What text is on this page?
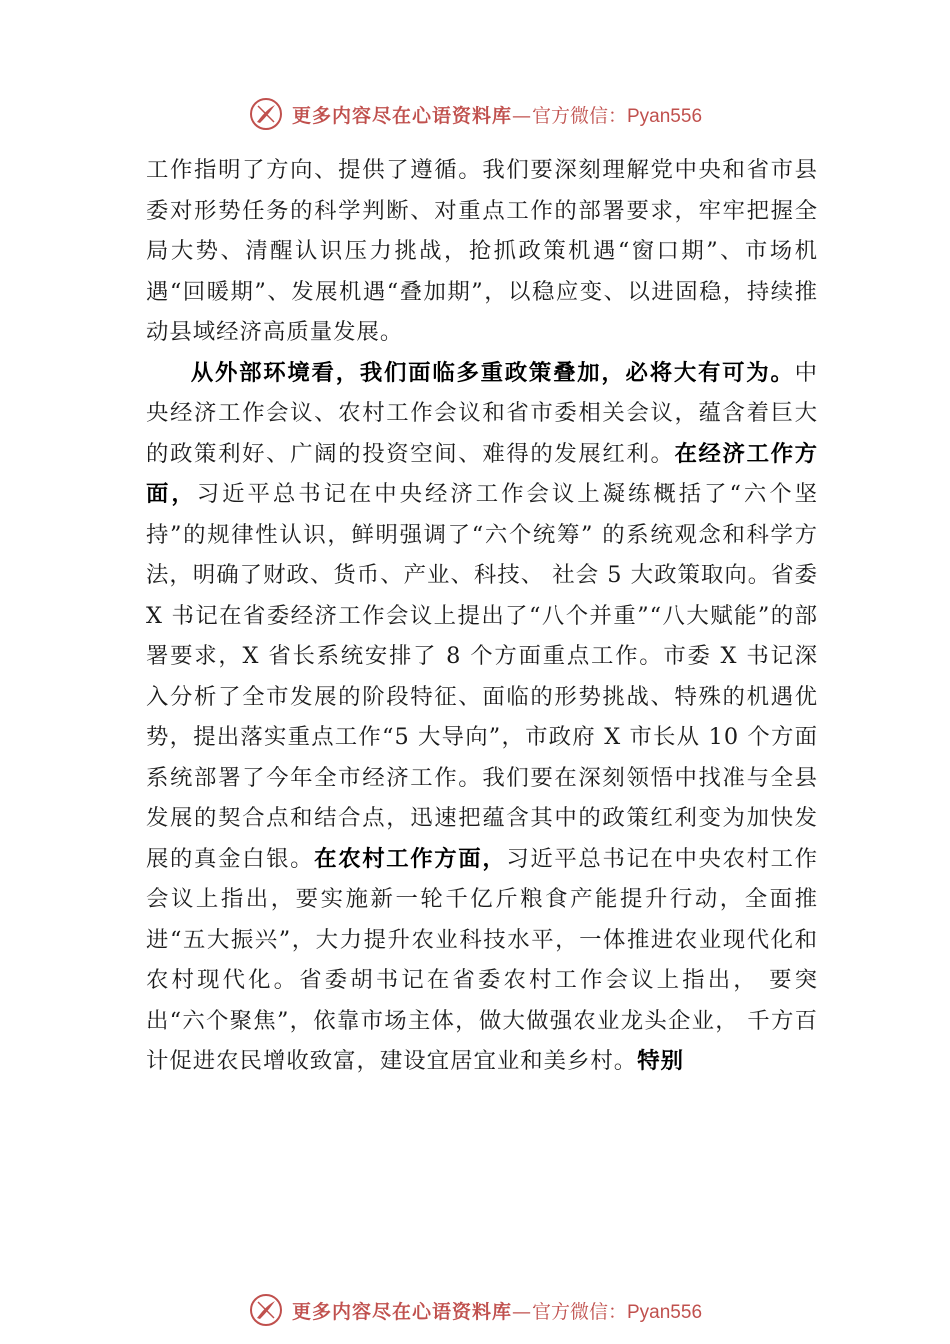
更多内容尽在心语资料库—官方微信：Pyan556

工作指明了方向、提供了遵循。我们要深刻理解党中央和省市县委对形势任务的科学判断、对重点工作的部署要求，牢牢把握全局大势、清醒认识压力挑战，抢抓政策机遇“窗口期”、市场机遇“回暖期”、发展机遇“叠加期”，以稳应变、以进固稳，持续推动县域经济高质量发展。

从外部环境看，我们面临多重政策叠加，必将大有可为。中央经济工作会议、农村工作会议和省市委相关会议，蕴含着巨大的政策利好、广阔的投资空间、难得的发展红利。在经济工作方面，习近平总书记在中央经济工作会议上凝练概括了“六个坚持”的规律性认识，鲜明强调了“六个统筹” 的系统观念和科学方法，明确了财政、货币、产业、科技、 社会 5 大政策取向。省委 X 书记在省委经济工作会议上提出了“八个并重”“八大赋能”的部署要求，X 省长系统安排了 8 个方面重点工作。市委 X 书记深入分析了全市发展的阶段特征、面临的形势挑战、特殊的机遇优势，提出落实重点工作“5 大导向”，市政府 X 市长从 10 个方面系统部署了今年全市经济工作。我们要在深刻领悟中找准与全县发展的契合点和结合点，迅速把蕴含其中的政策红利变为加快发展的真金白银。在农村工作方面，习近平总书记在中央农村工作会议上指出，要实施新一轮千亿斤粮食产能提升行动，全面推进“五大振兴”，大力提升农业科技水平，一体推进农业现代化和农村现代化。省委胡书记在省委农村工作会议上指出， 要突出“六个聚焦”，依靠市场主体，做大做强农业龙头企业， 千方百计促进农民增收致富，建设宜居宜业和美乡村。特别

更多内容尽在心语资料库—官方微信：Pyan556
